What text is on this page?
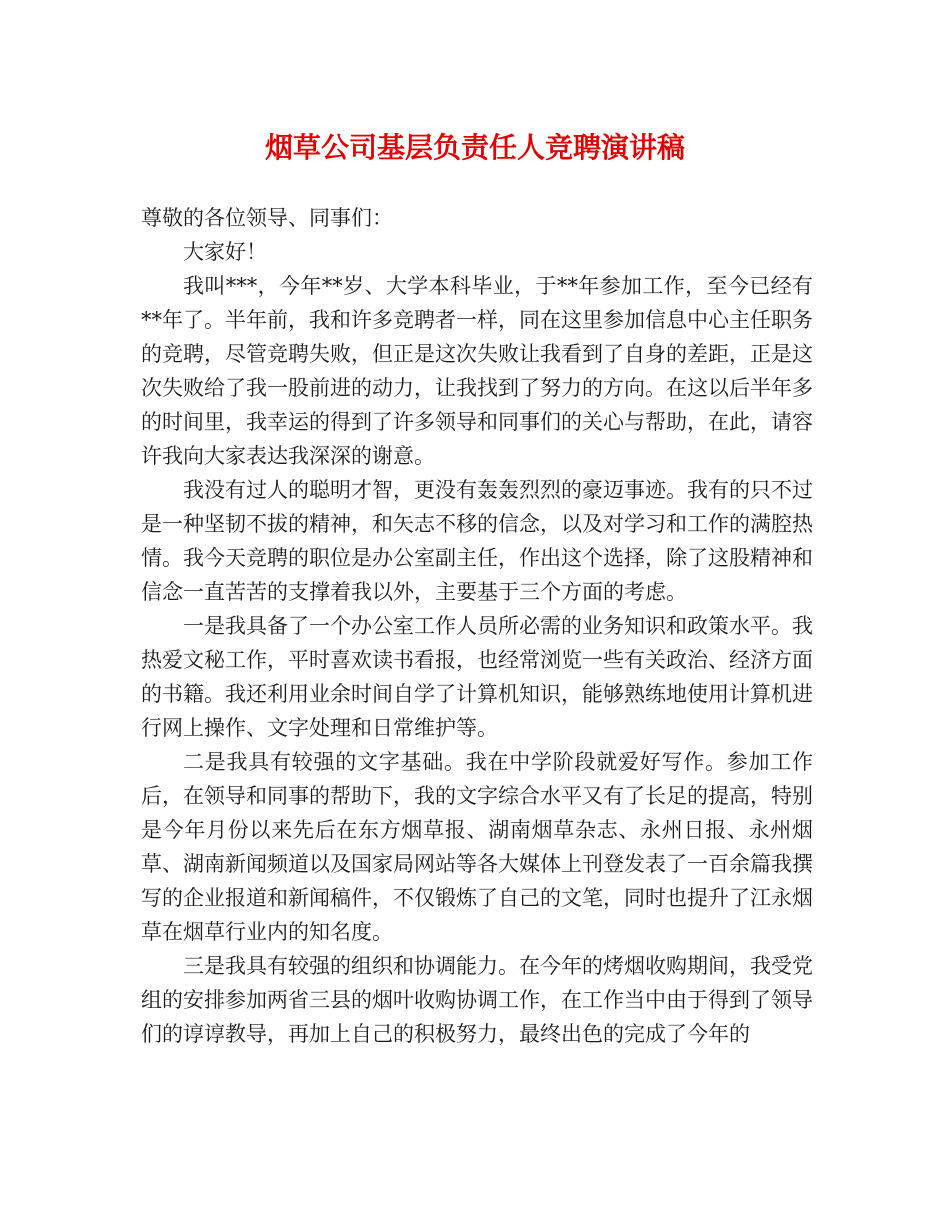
烟草公司基层负责任人竞聘演讲稿

尊敬的各位领导、同事们：

大家好！

我叫***，今年**岁、大学本科毕业，于**年参加工作，至今已经有**年了。半年前，我和许多竞聘者一样，同在这里参加信息中心主任职务的竞聘，尽管竞聘失败，但正是这次失败让我看到了自身的差距，正是这次失败给了我一股前进的动力，让我找到了努力的方向。在这以后半年多的时间里，我幸运的得到了许多领导和同事们的关心与帮助，在此，请容许我向大家表达我深深的谢意。

我没有过人的聪明才智，更没有轰轰烈烈的豪迈事迹。我有的只不过是一种坚韧不拔的精神，和矢志不移的信念，以及对学习和工作的满腔热情。我今天竞聘的职位是办公室副主任，作出这个选择，除了这股精神和信念一直苦苦的支撑着我以外，主要基于三个方面的考虑。

一是我具备了一个办公室工作人员所必需的业务知识和政策水平。我热爱文秘工作，平时喜欢读书看报，也经常浏览一些有关政治、经济方面的书籍。我还利用业余时间自学了计算机知识，能够熟练地使用计算机进行网上操作、文字处理和日常维护等。

二是我具有较强的文字基础。我在中学阶段就爱好写作。参加工作后，在领导和同事的帮助下，我的文字综合水平又有了长足的提高，特别是今年月份以来先后在东方烟草报、湖南烟草杂志、永州日报、永州烟草、湖南新闻频道以及国家局网站等各大媒体上刊登发表了一百余篇我撰写的企业报道和新闻稿件，不仅锻炼了自己的文笔，同时也提升了江永烟草在烟草行业内的知名度。

三是我具有较强的组织和协调能力。在今年的烤烟收购期间，我受党组的安排参加两省三县的烟叶收购协调工作，在工作当中由于得到了领导们的谆谆教导，再加上自己的积极努力，最终出色的完成了今年的
